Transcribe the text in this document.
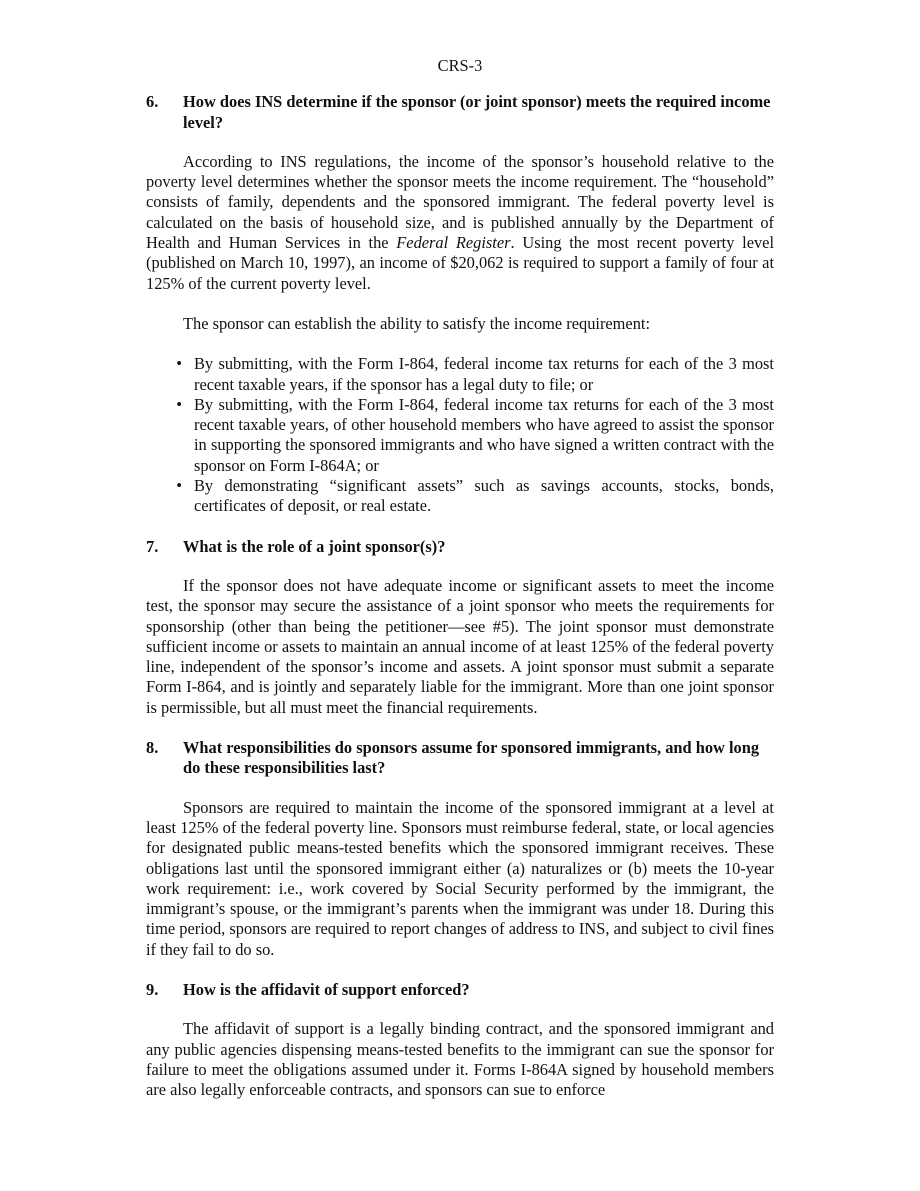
CRS-3
6.	How does INS determine if the sponsor (or joint sponsor) meets the required income level?

According to INS regulations, the income of the sponsor’s household relative to the poverty level determines whether the sponsor meets the income requirement. The “household” consists of family, dependents and the sponsored immigrant. The federal poverty level is calculated on the basis of household size, and is published annually by the Department of Health and Human Services in the Federal Register. Using the most recent poverty level (published on March 10, 1997), an income of $20,062 is required to support a family of four at 125% of the current poverty level.

The sponsor can establish the ability to satisfy the income requirement:

• By submitting, with the Form I-864, federal income tax returns for each of the 3 most recent taxable years, if the sponsor has a legal duty to file; or
• By submitting, with the Form I-864, federal income tax returns for each of the 3 most recent taxable years, of other household members who have agreed to assist the sponsor in supporting the sponsored immigrants and who have signed a written contract with the sponsor on Form I-864A; or
• By demonstrating “significant assets” such as savings accounts, stocks, bonds, certificates of deposit, or real estate.
7.	What is the role of a joint sponsor(s)?

If the sponsor does not have adequate income or significant assets to meet the income test, the sponsor may secure the assistance of a joint sponsor who meets the requirements for sponsorship (other than being the petitioner—see #5). The joint sponsor must demonstrate sufficient income or assets to maintain an annual income of at least 125% of the federal poverty line, independent of the sponsor’s income and assets. A joint sponsor must submit a separate Form I-864, and is jointly and separately liable for the immigrant. More than one joint sponsor is permissible, but all must meet the financial requirements.

8.	What responsibilities do sponsors assume for sponsored immigrants, and how long do these responsibilities last?

Sponsors are required to maintain the income of the sponsored immigrant at a level at least 125% of the federal poverty line. Sponsors must reimburse federal, state, or local agencies for designated public means-tested benefits which the sponsored immigrant receives. These obligations last until the sponsored immigrant either (a) naturalizes or (b) meets the 10-year work requirement: i.e., work covered by Social Security performed by the immigrant, the immigrant’s spouse, or the immigrant’s parents when the immigrant was under 18. During this time period, sponsors are required to report changes of address to INS, and subject to civil fines if they fail to do so.

9.	How is the affidavit of support enforced?

The affidavit of support is a legally binding contract, and the sponsored immigrant and any public agencies dispensing means-tested benefits to the immigrant can sue the sponsor for failure to meet the obligations assumed under it. Forms I-864A signed by household members are also legally enforceable contracts, and sponsors can sue to enforce
